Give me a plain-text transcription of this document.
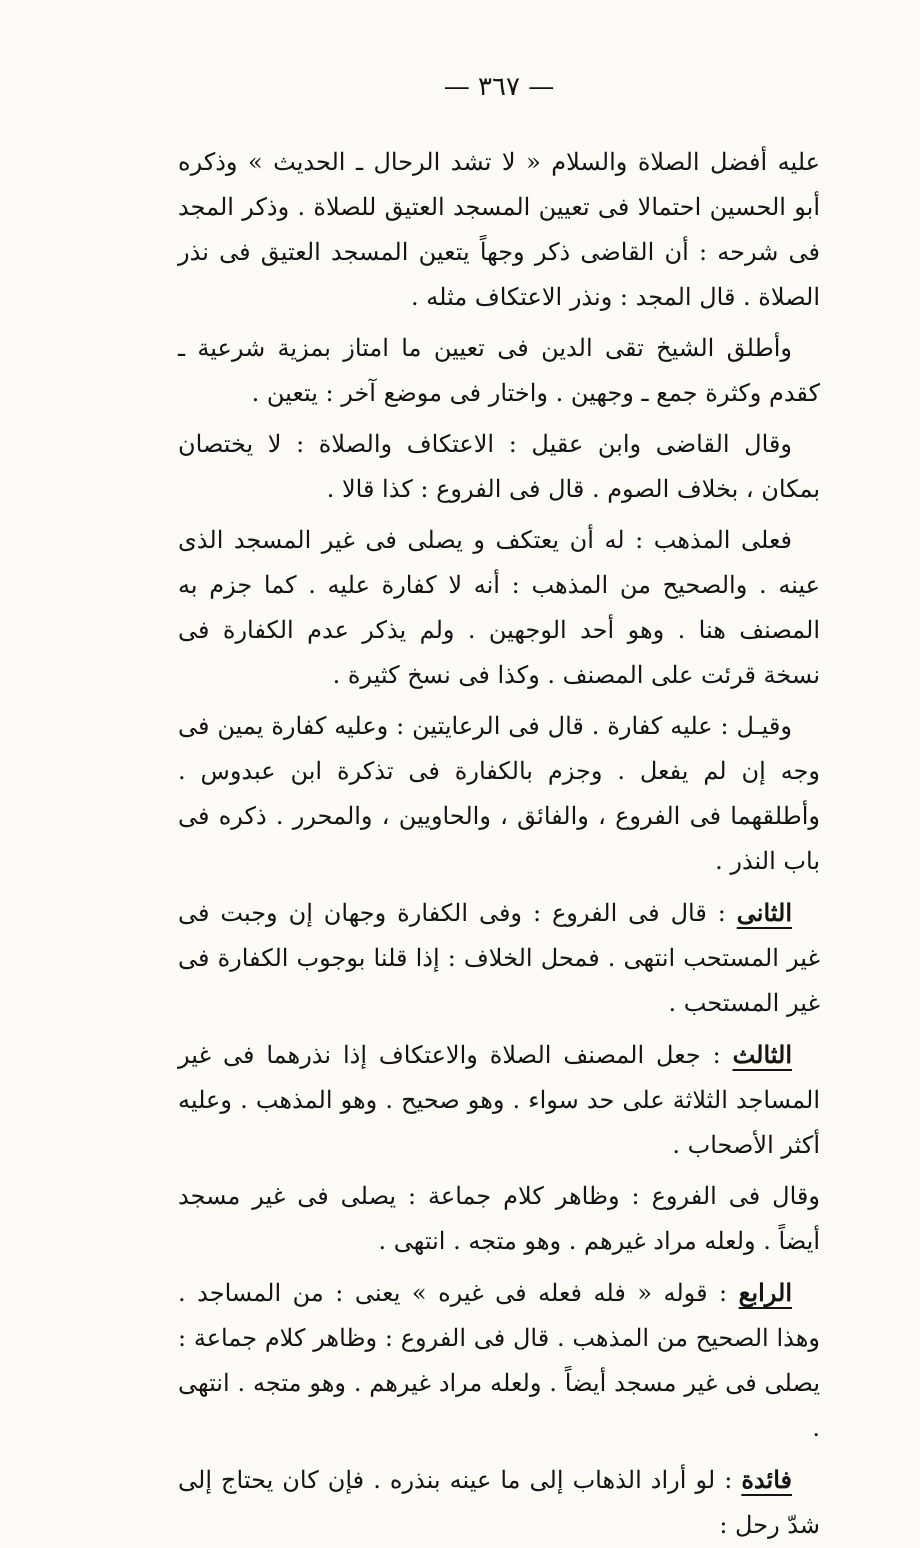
— ٣٦٧ —

عليه أفضل الصلاة والسلام « لا تشد الرحال ـ الحديث » وذكره أبو الحسين احتمالا فى تعيين المسجد العتيق للصلاة . وذكر المجد فى شرحه : أن القاضى ذكر وجهاً يتعين المسجد العتيق فى نذر الصلاة . قال المجد : ونذر الاعتكاف مثله .

وأطلق الشيخ تقى الدين فى تعيين ما امتاز بمزية شرعية ـ كقدم وكثرة جمع ـ وجهين . واختار فى موضع آخر : يتعين .

وقال القاضى وابن عقيل : الاعتكاف والصلاة : لا يختصان بمكان ، بخلاف الصوم . قال فى الفروع : كذا قالا .

فعلى المذهب : له أن يعتكف و يصلى فى غير المسجد الذى عينه . والصحيح من المذهب : أنه لا كفارة عليه . كما جزم به المصنف هنا . وهو أحد الوجهين . ولم يذكر عدم الكفارة فى نسخة قرئت على المصنف . وكذا فى نسخ كثيرة .

وقيـل : عليه كفارة . قال فى الرعايتين : وعليه كفارة يمين فى وجه إن لم يفعل . وجزم بالكفارة فى تذكرة ابن عبدوس . وأطلقهما فى الفروع ، والفائق ، والحاويين ، والمحرر . ذكره فى باب النذر .

الثانى : قال فى الفروع : وفى الكفارة وجهان إن وجبت فى غير المستحب انتهى . فمحل الخلاف : إذا قلنا بوجوب الكفارة فى غير المستحب .

الثالث : جعل المصنف الصلاة والاعتكاف إذا نذرهما فى غير المساجد الثلاثة على حد سواء . وهو صحيح . وهو المذهب . وعليه أكثر الأصحاب .

وقال فى الفروع : وظاهر كلام جماعة : يصلى فى غير مسجد أيضاً . ولعله مراد غيرهم . وهو متجه . انتهى .

الرابع : قوله « فله فعله فى غيره » يعنى : من المساجد . وهذا الصحيح من المذهب . قال فى الفروع : وظاهر كلام جماعة : يصلى فى غير مسجد أيضاً . ولعله مراد غيرهم . وهو متجه . انتهى .

فائدة : لو أراد الذهاب إلى ما عينه بنذره . فإن كان يحتاج إلى شدّ رحل :
